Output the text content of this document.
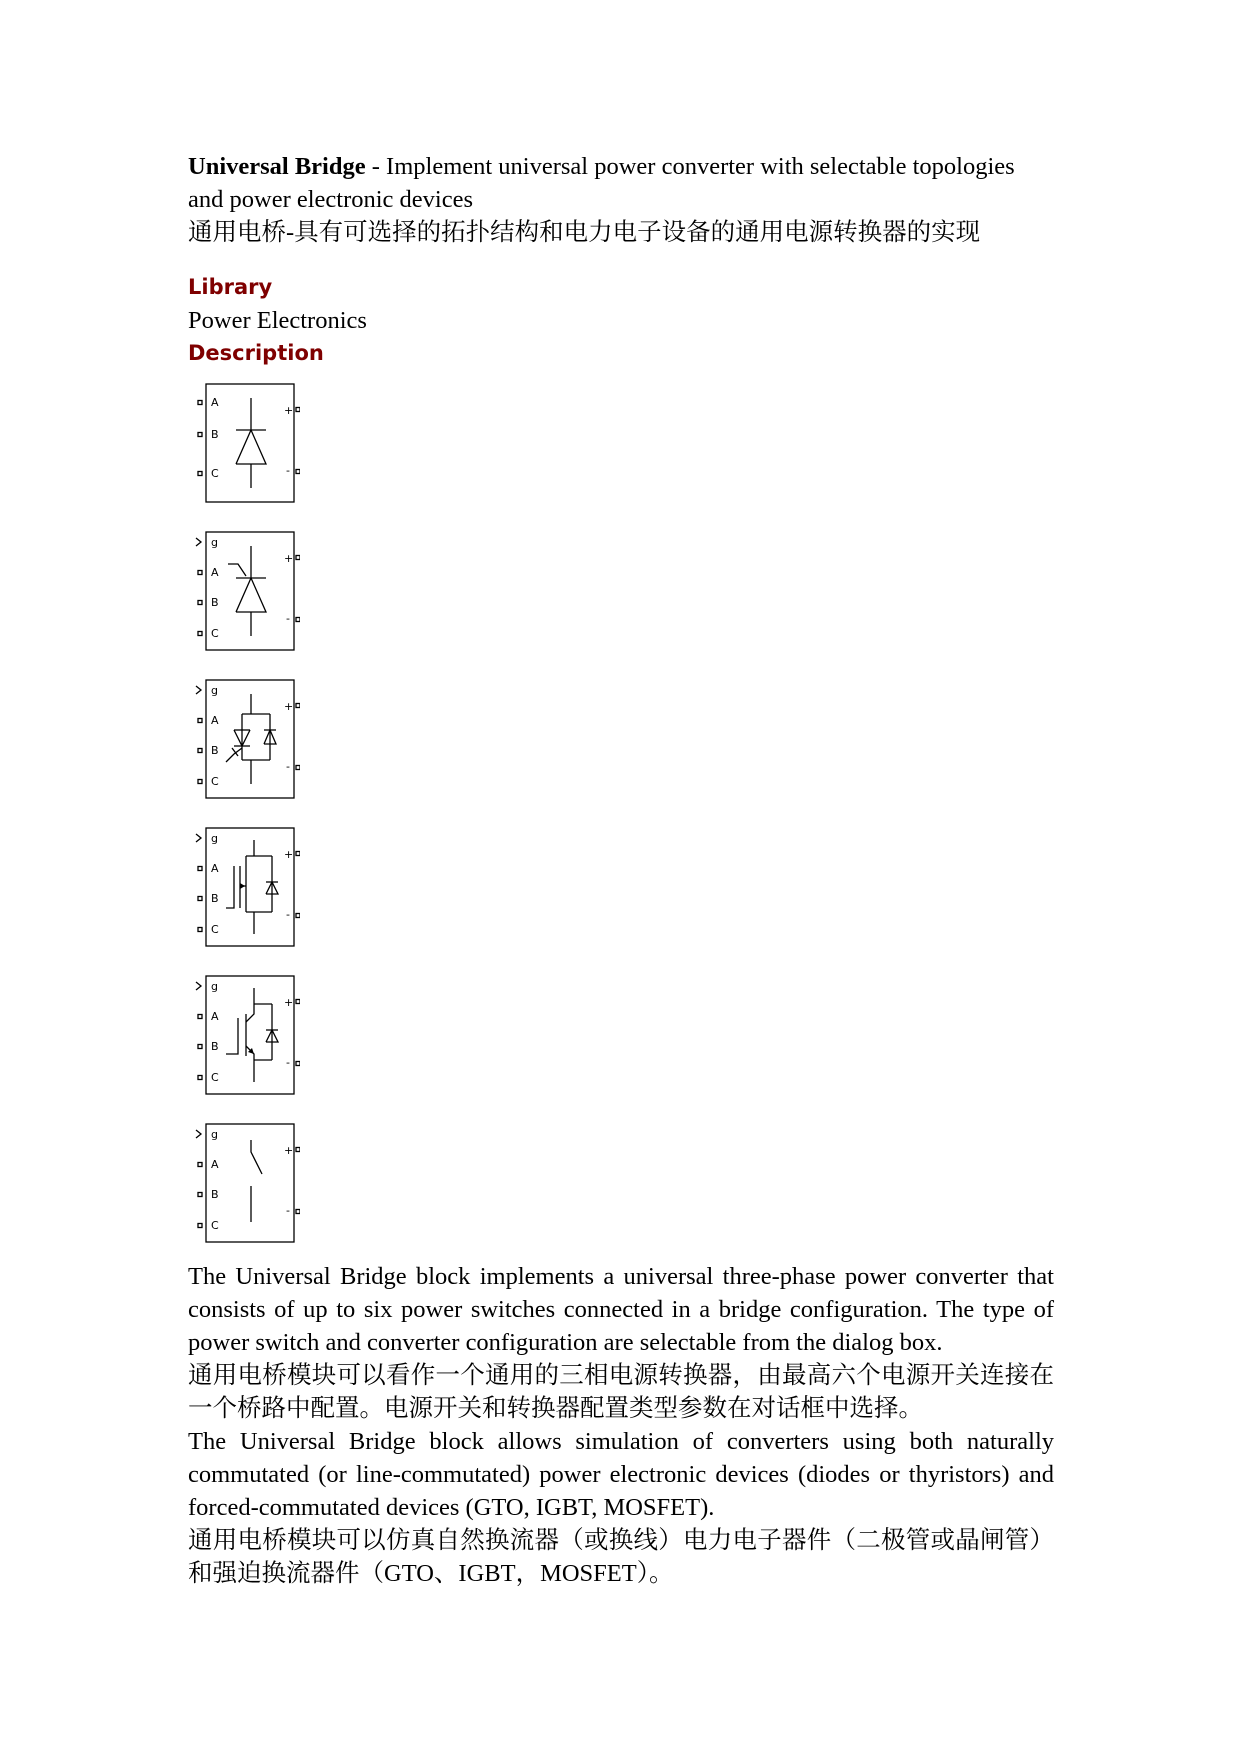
Universal Bridge - Implement universal power converter with selectable topologies and power electronic devices

通用电桥-具有可选择的拓扑结构和电力电子设备的通用电源转换器的实现

Library

Power Electronics

Description

A
B
C
+
-
g
A
B
C
+
-
g
A
B
C
+
-
g
A
B
C
+
-
g
A
B
C
+
-
g
A
B
C
+
-

The Universal Bridge block implements a universal three-phase power converter that consists of up to six power switches connected in a bridge configuration. The type of power switch and converter configuration are selectable from the dialog box.

通用电桥模块可以看作一个通用的三相电源转换器，由最高六个电源开关连接在一个桥路中配置。电源开关和转换器配置类型参数在对话框中选择。

The Universal Bridge block allows simulation of converters using both naturally commutated (or line-commutated) power electronic devices (diodes or thyristors) and forced-commutated devices (GTO, IGBT, MOSFET).

通用电桥模块可以仿真自然换流器（或换线）电力电子器件（二极管或晶闸管）和强迫换流器件（GTO、IGBT，MOSFET）。
